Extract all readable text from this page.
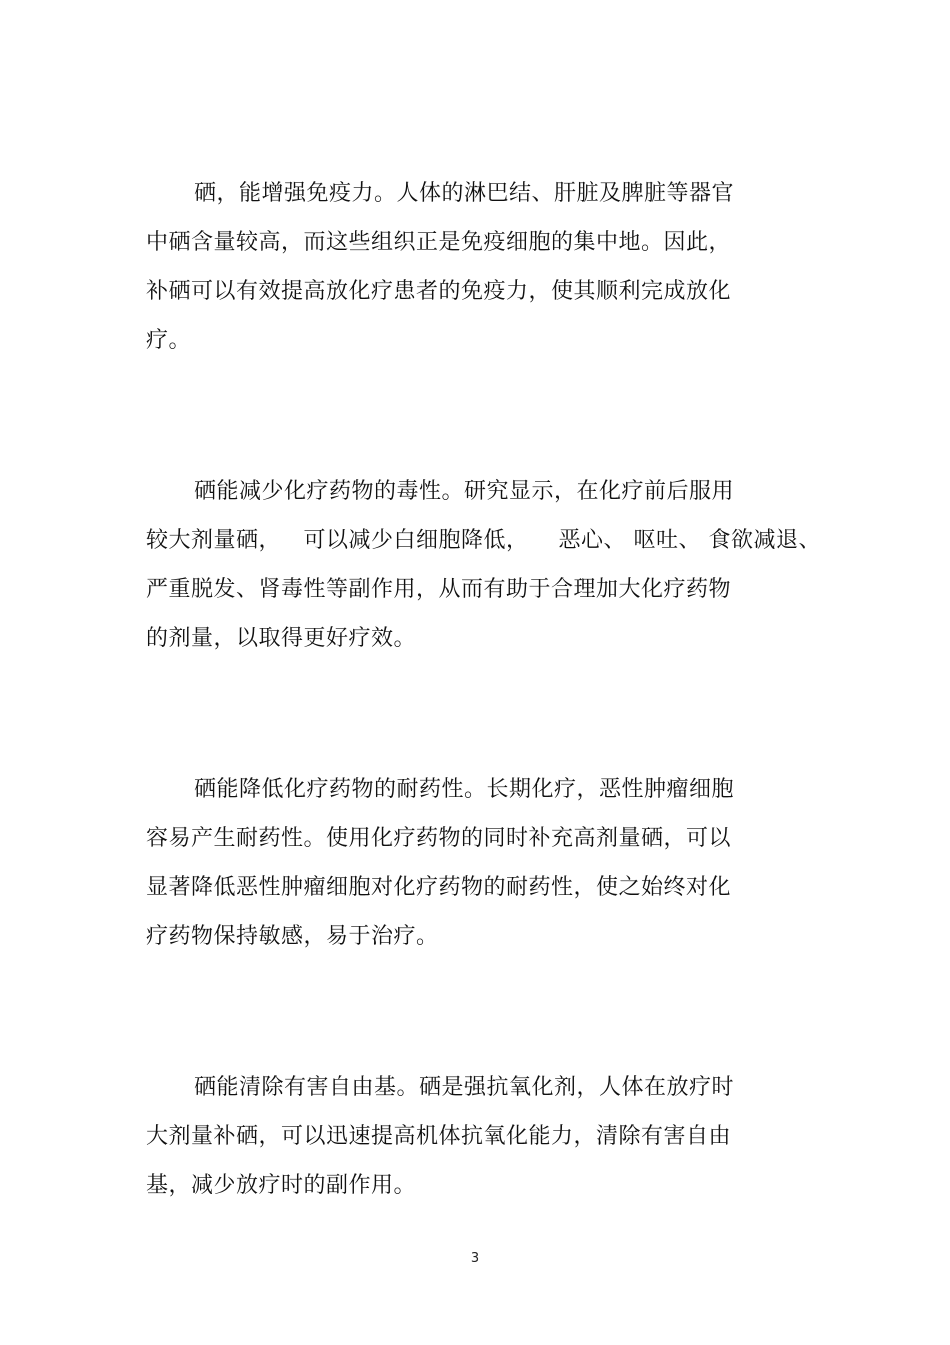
硒，能增强免疫力。人体的淋巴结、肝脏及脾脏等器官
中硒含量较高，而这些组织正是免疫细胞的集中地。因此，
补硒可以有效提高放化疗患者的免疫力，使其顺利完成放化
疗。
硒能减少化疗药物的毒性。研究显示，在化疗前后服用
较大剂量硒，   可以减少白细胞降低，    恶心、 呕吐、 食欲减退、
严重脱发、肾毒性等副作用，从而有助于合理加大化疗药物
的剂量，以取得更好疗效。
硒能降低化疗药物的耐药性。长期化疗，恶性肿瘤细胞
容易产生耐药性。使用化疗药物的同时补充高剂量硒，可以
显著降低恶性肿瘤细胞对化疗药物的耐药性，使之始终对化
疗药物保持敏感，易于治疗。
硒能清除有害自由基。硒是强抗氧化剂，人体在放疗时
大剂量补硒，可以迅速提高机体抗氧化能力，清除有害自由
基，减少放疗时的副作用。
3
